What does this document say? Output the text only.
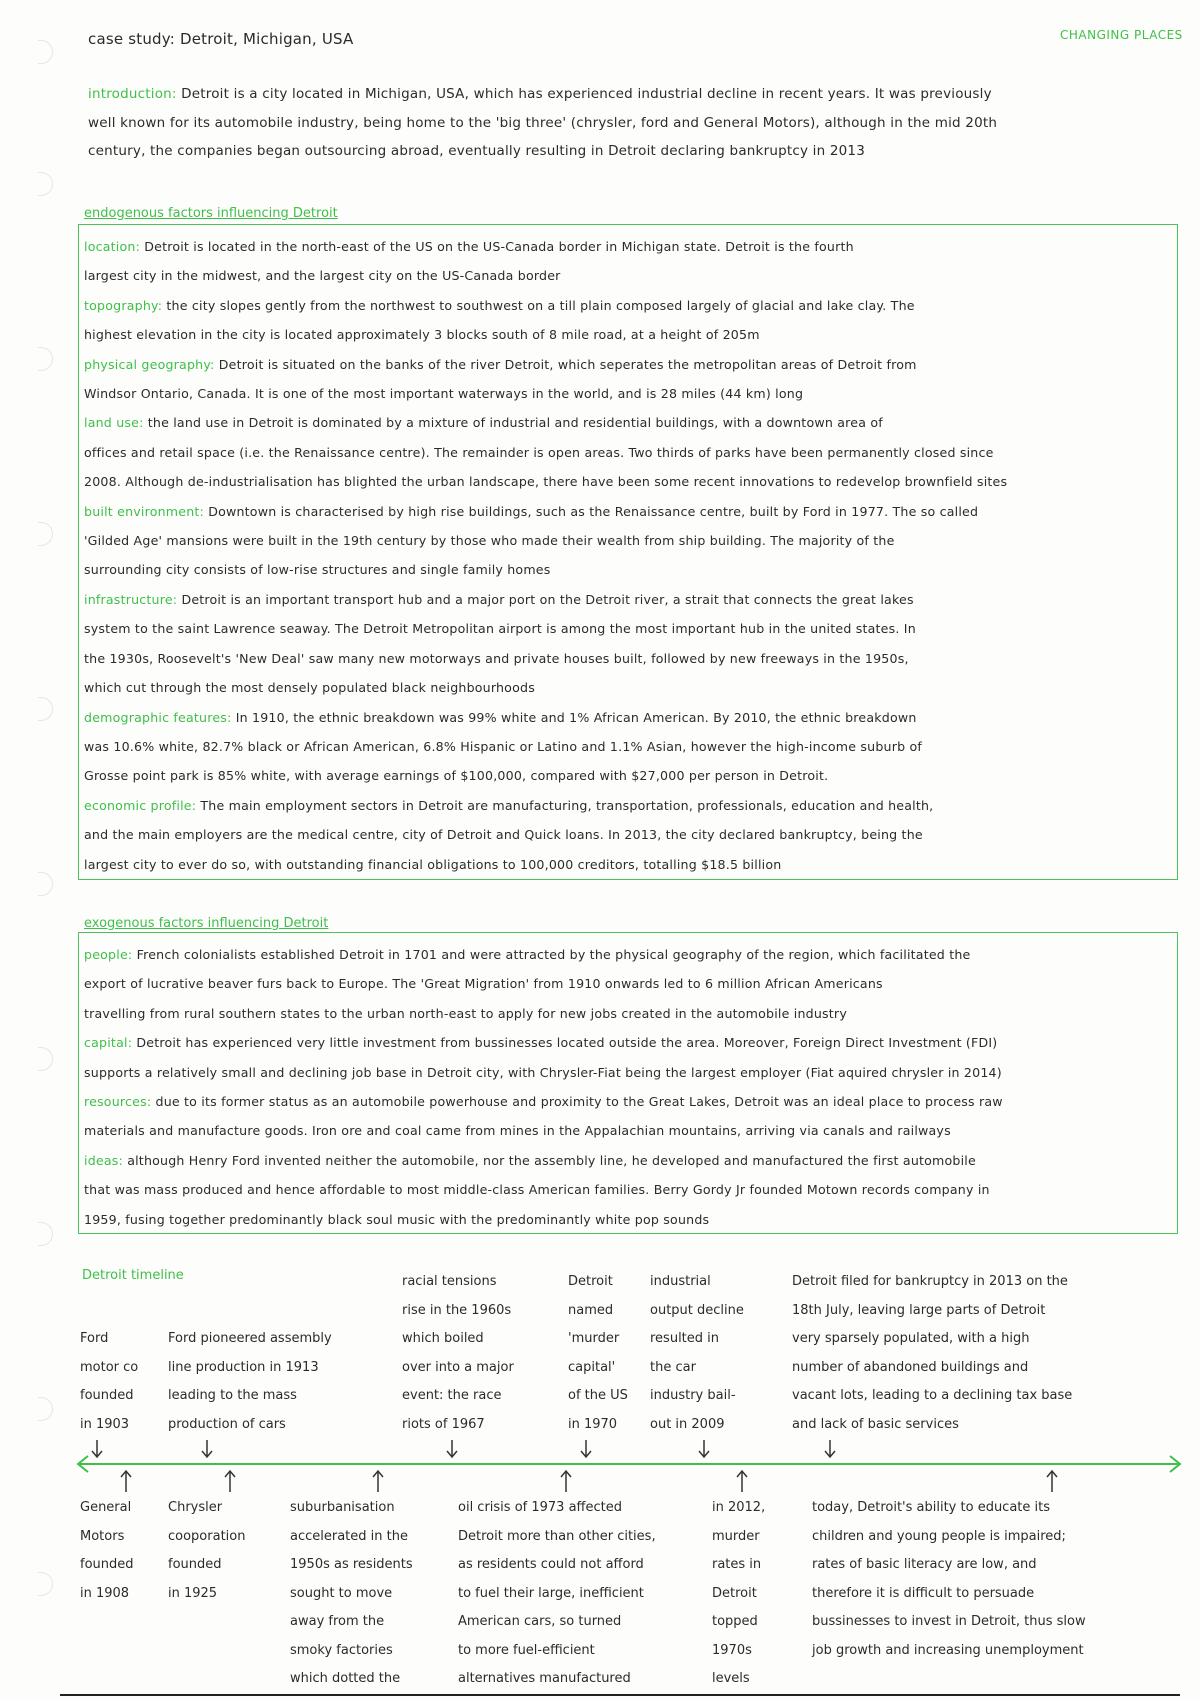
case study: Detroit, Michigan, USA	CHANGING PLACES
introduction: Detroit is a city located in Michigan, USA, which has experienced industrial decline in recent years. It was previously
well known for its automobile industry, being home to the 'big three' (chrysler, ford and General Motors), although in the mid 20th
century, the companies began outsourcing abroad, eventually resulting in Detroit declaring bankruptcy in 2013
endogenous factors influencing Detroit
location: Detroit is located in the north-east of the US on the US-Canada border in Michigan state. Detroit is the fourth
largest city in the midwest, and the largest city on the US-Canada border
topography: the city slopes gently from the northwest to southwest on a till plain composed largely of glacial and lake clay. The
highest elevation in the city is located approximately 3 blocks south of 8 mile road, at a height of 205m
physical geography: Detroit is situated on the banks of the river Detroit, which seperates the metropolitan areas of Detroit from
Windsor Ontario, Canada. It is one of the most important waterways in the world, and is 28 miles (44 km) long
land use: the land use in Detroit is dominated by a mixture of industrial and residential buildings, with a downtown area of
offices and retail space (i.e. the Renaissance centre). The remainder is open areas. Two thirds of parks have been permanently closed since
2008. Although de-industrialisation has blighted the urban landscape, there have been some recent innovations to redevelop brownfield sites
built environment: Downtown is characterised by high rise buildings, such as the Renaissance centre, built by Ford in 1977. The so called
'Gilded Age' mansions were built in the 19th century by those who made their wealth from ship building. The majority of the
surrounding city consists of low-rise structures and single family homes
infrastructure: Detroit is an important transport hub and a major port on the Detroit river, a strait that connects the great lakes
system to the saint Lawrence seaway. The Detroit Metropolitan airport is among the most important hub in the united states. In
the 1930s, Roosevelt's 'New Deal' saw many new motorways and private houses built, followed by new freeways in the 1950s,
which cut through the most densely populated black neighbourhoods
demographic features: In 1910, the ethnic breakdown was 99% white and 1% African American. By 2010, the ethnic breakdown
was 10.6% white, 82.7% black or African American, 6.8% Hispanic or Latino and 1.1% Asian, however the high-income suburb of
Grosse point park is 85% white, with average earnings of $100,000, compared with $27,000 per person in Detroit.
economic profile: The main employment sectors in Detroit are manufacturing, transportation, professionals, education and health,
and the main employers are the medical centre, city of Detroit and Quick loans. In 2013, the city declared bankruptcy, being the
largest city to ever do so, with outstanding financial obligations to 100,000 creditors, totalling $18.5 billion
exogenous factors influencing Detroit
people: French colonialists established Detroit in 1701 and were attracted by the physical geography of the region, which facilitated the
export of lucrative beaver furs back to Europe. The 'Great Migration' from 1910 onwards led to 6 million African Americans
travelling from rural southern states to the urban north-east to apply for new jobs created in the automobile industry
capital: Detroit has experienced very little investment from bussinesses located outside the area. Moreover, Foreign Direct Investment (FDI)
supports a relatively small and declining job base in Detroit city, with Chrysler-Fiat being the largest employer (Fiat aquired chrysler in 2014)
resources: due to its former status as an automobile powerhouse and proximity to the Great Lakes, Detroit was an ideal place to process raw
materials and manufacture goods. Iron ore and coal came from mines in the Appalachian mountains, arriving via canals and railways
ideas: although Henry Ford invented neither the automobile, nor the assembly line, he developed and manufactured the first automobile
that was mass produced and hence affordable to most middle-class American families. Berry Gordy Jr founded Motown records company in
1959, fusing together predominantly black soul music with the predominantly white pop sounds
Detroit timeline
Ford
motor co
founded
in 1903
Ford pioneered assembly
line production in 1913
leading to the mass
production of cars
racial tensions
rise in the 1960s
which boiled
over into a major
event: the race
riots of 1967
Detroit
named
'murder
capital'
of the US
in 1970
industrial
output decline
resulted in
the car
industry bail-
out in 2009
Detroit filed for bankruptcy in 2013 on the
18th July, leaving large parts of Detroit
very sparsely populated, with a high
number of abandoned buildings and
vacant lots, leading to a declining tax base
and lack of basic services
General
Motors
founded
in 1908
Chrysler
cooporation
founded
in 1925
suburbanisation
accelerated in the
1950s as residents
sought to move
away from the
smoky factories
which dotted the
oil crisis of 1973 affected
Detroit more than other cities,
as residents could not afford
to fuel their large, inefficient
American cars, so turned
to more fuel-efficient
alternatives manufactured
in 2012,
murder
rates in
Detroit
topped
1970s
levels
today, Detroit's ability to educate its
children and young people is impaired;
rates of basic literacy are low, and
therefore it is difficult to persuade
bussinesses to invest in Detroit, thus slow
job growth and increasing unemployment
